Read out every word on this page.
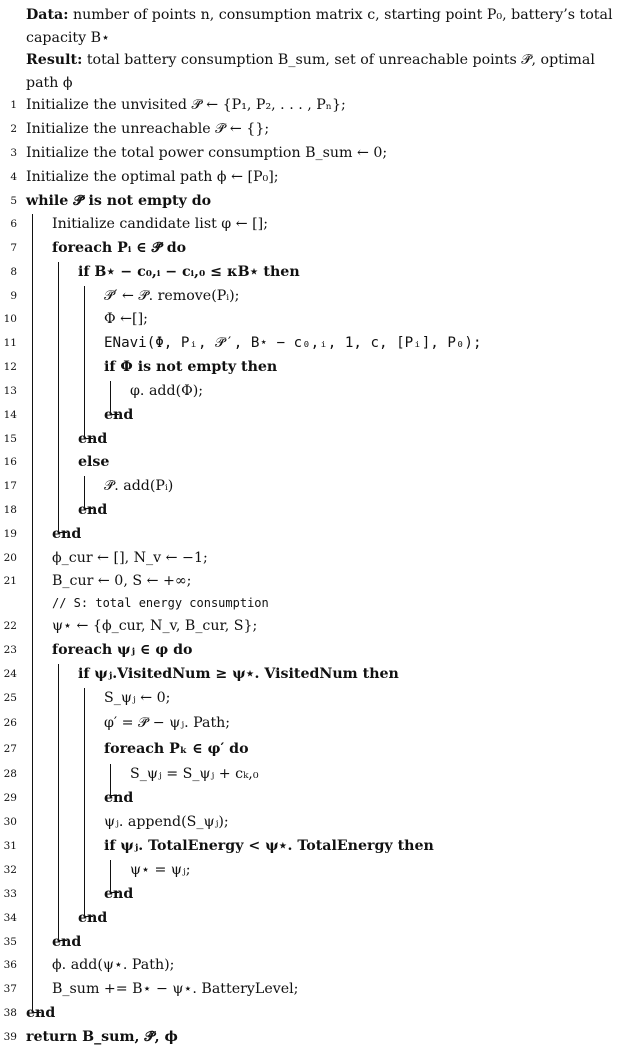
Data: number of points n, consumption matrix c, starting point P₀, battery’s total capacity B⋆
Result: total battery consumption B_sum, set of unreachable points 𝒫̊, optimal path ϕ
1 Initialize the unvisited 𝒫̃ ← {P₁, P₂, . . . , Pₙ};
2 Initialize the unreachable 𝒫̊ ← {};
3 Initialize the total power consumption B_sum ← 0;
4 Initialize the optimal path ϕ ← [P₀];
5 while 𝒫̃ is not empty do
6 Initialize candidate list φ ← [];
7 foreach Pᵢ ∈ 𝒫̃ do
8	if B⋆ − c₀,ᵢ − cᵢ,₀ ≤ κB⋆ then
9	𝒫̃′ ← 𝒫̃. remove(Pᵢ);
10	Φ ←[];
11	ENavi(Φ, Pᵢ, 𝒫̃′, B⋆ − c₀,ᵢ, 1, c, [Pᵢ], P₀);
12	if Φ is not empty then
13	φ. add(Φ);
14	end
15	end
16	else
17	𝒫̊. add(Pᵢ)
18	end
19 end
20 ϕ_cur ← [], N_v ← −1;
21 B_cur ← 0, S ← +∞;
// S: total energy consumption
22 ψ⋆ ← {ϕ_cur, N_v, B_cur, S};
23 foreach ψⱼ ∈ φ do
24	if ψⱼ.VisitedNum ≥ ψ⋆. VisitedNum then
25	S_ψⱼ ← 0;
26	φ′ = 𝒫̃ − ψⱼ. Path;
27	foreach Pₖ ∈ φ′ do
28	S_ψⱼ = S_ψⱼ + cₖ,₀
29	end
30	ψⱼ. append(S_ψⱼ);
31	if ψⱼ. TotalEnergy < ψ⋆. TotalEnergy then
32	ψ⋆ = ψⱼ;
33	end
34	end
35 end
36 ϕ. add(ψ⋆. Path);
37 B_sum += B⋆ − ψ⋆. BatteryLevel;
38 end
39 return B_sum, 𝒫̊, ϕ
